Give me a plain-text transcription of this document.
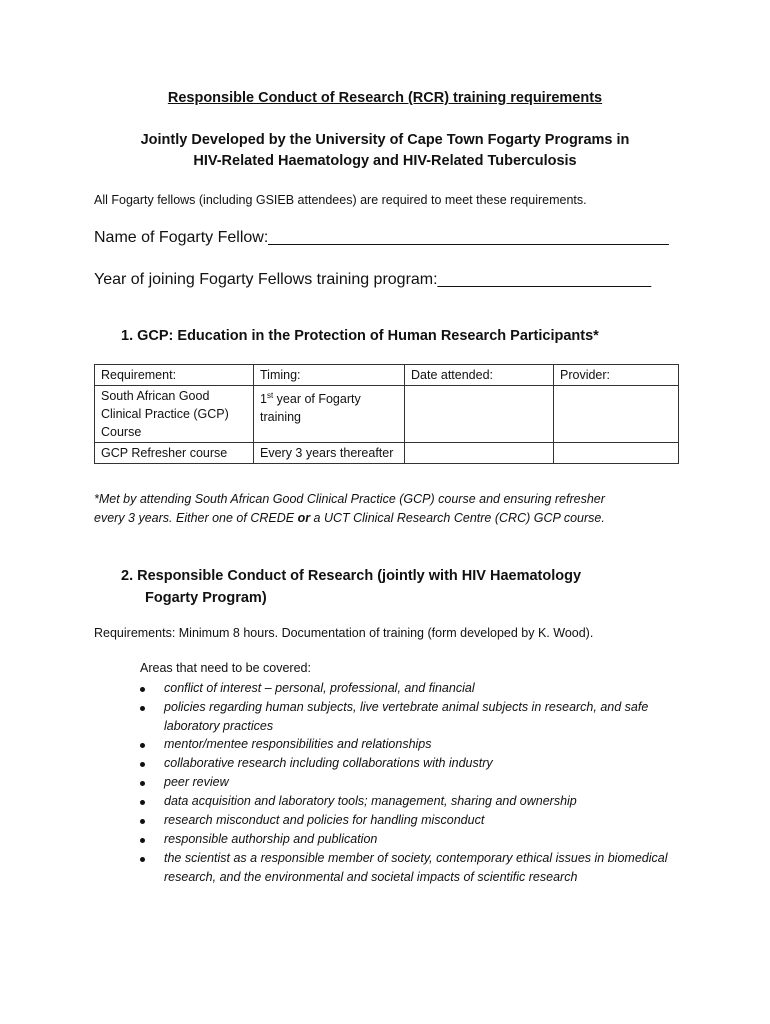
Responsible Conduct of Research (RCR) training requirements
Jointly Developed by the University of Cape Town Fogarty Programs in
HIV-Related Haematology and HIV-Related Tuberculosis
All Fogarty fellows (including GSIEB attendees) are required to meet these requirements.
Name of Fogarty Fellow:_____________________________________________
Year of joining Fogarty Fellows training program:________________________
1. GCP: Education in the Protection of Human Research Participants*
Requirement:	Timing:	Date attended:	Provider:
South African Good Clinical Practice (GCP) Course	1st year of Fogarty training		
GCP Refresher course	Every 3 years thereafter		
*Met by attending South African Good Clinical Practice (GCP) course and ensuring refresher
every 3 years. Either one of CREDE or a UCT Clinical Research Centre (CRC) GCP course.
2. Responsible Conduct of Research (jointly with HIV Haematology
Fogarty Program)
Requirements: Minimum 8 hours. Documentation of training (form developed by K. Wood).
Areas that need to be covered:
conflict of interest – personal, professional, and financial
policies regarding human subjects, live vertebrate animal subjects in research, and safe laboratory practices
mentor/mentee responsibilities and relationships
collaborative research including collaborations with industry
peer review
data acquisition and laboratory tools; management, sharing and ownership
research misconduct and policies for handling misconduct
responsible authorship and publication
the scientist as a responsible member of society, contemporary ethical issues in biomedical research, and the environmental and societal impacts of scientific research
